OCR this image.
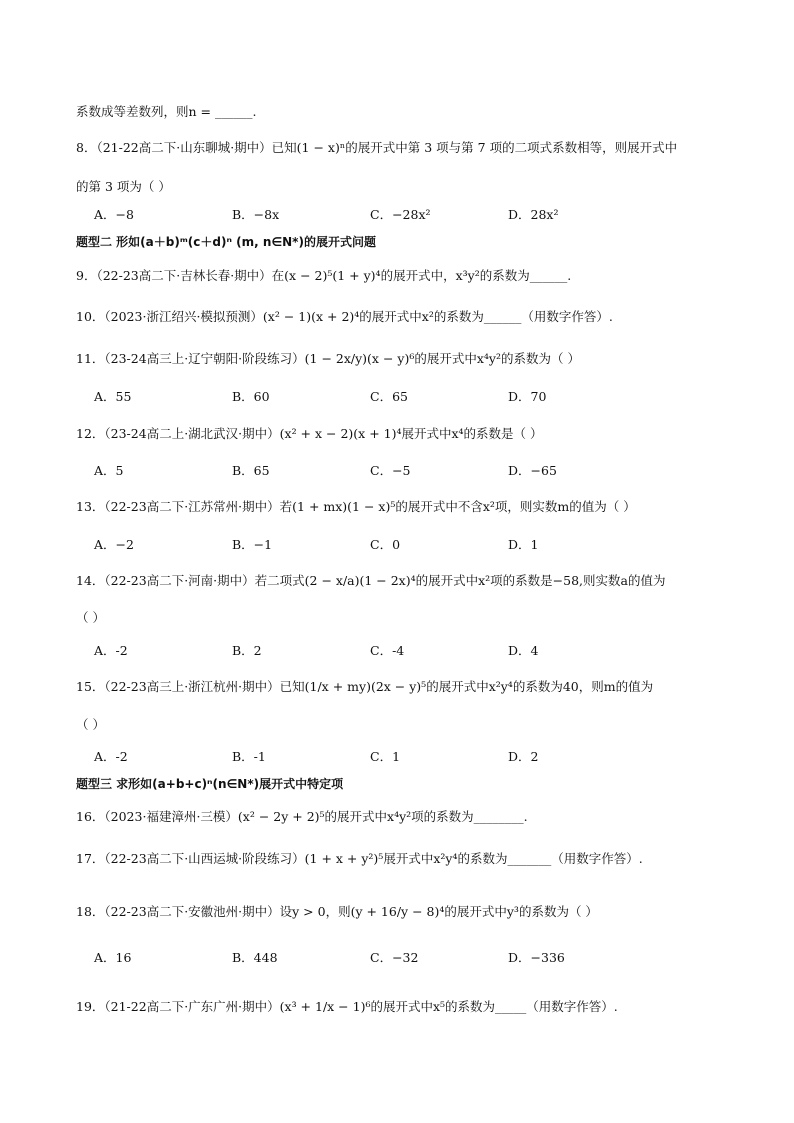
系数成等差数列，则n = ______.
8．（21-22高二下·山东聊城·期中）已知(1 − x)ⁿ的展开式中第 3 项与第 7 项的二项式系数相等，则展开式中
的第 3 项为（ ）
A．−8	B．−8x	C．−28x²	D．28x²
题型二 形如(a＋b)ᵐ(c＋d)ⁿ (m, n∈N*)的展开式问题
9．（22-23高二下·吉林长春·期中）在(x − 2)⁵(1 + y)⁴的展开式中，x³y²的系数为______.
10．（2023·浙江绍兴·模拟预测）(x² − 1)(x + 2)⁴的展开式中x²的系数为______（用数字作答）.
11．（23-24高三上·辽宁朝阳·阶段练习）(1 − 2x/y)(x − y)⁶的展开式中x⁴y²的系数为（ ）
A．55	B．60	C．65	D．70
12．（23-24高二上·湖北武汉·期中）(x² + x − 2)(x + 1)⁴展开式中x⁴的系数是（ ）
A．5	B．65	C．−5	D．−65
13．（22-23高二下·江苏常州·期中）若(1 + mx)(1 − x)⁵的展开式中不含x²项，则实数m的值为（ ）
A．−2	B．−1	C．0	D．1
14．（22-23高二下·河南·期中）若二项式(2 − x/a)(1 − 2x)⁴的展开式中x²项的系数是−58,则实数a的值为
（ ）
A．-2	B．2	C．-4	D．4
15．（22-23高三上·浙江杭州·期中）已知(1/x + my)(2x − y)⁵的展开式中x²y⁴的系数为40，则m的值为
（ ）
A．-2	B．-1	C．1	D．2
题型三 求形如(a+b+c)ⁿ(n∈N*)展开式中特定项
16．（2023·福建漳州·三模）(x² − 2y + 2)⁵的展开式中x⁴y²项的系数为________.
17．（22-23高二下·山西运城·阶段练习）(1 + x + y²)⁵展开式中x²y⁴的系数为_______（用数字作答）.
18．（22-23高二下·安徽池州·期中）设y > 0，则(y + 16/y − 8)⁴的展开式中y³的系数为（ ）
A．16	B．448	C．−32	D．−336
19．（21-22高二下·广东广州·期中）(x³ + 1/x − 1)⁶的展开式中x⁵的系数为_____（用数字作答）.
